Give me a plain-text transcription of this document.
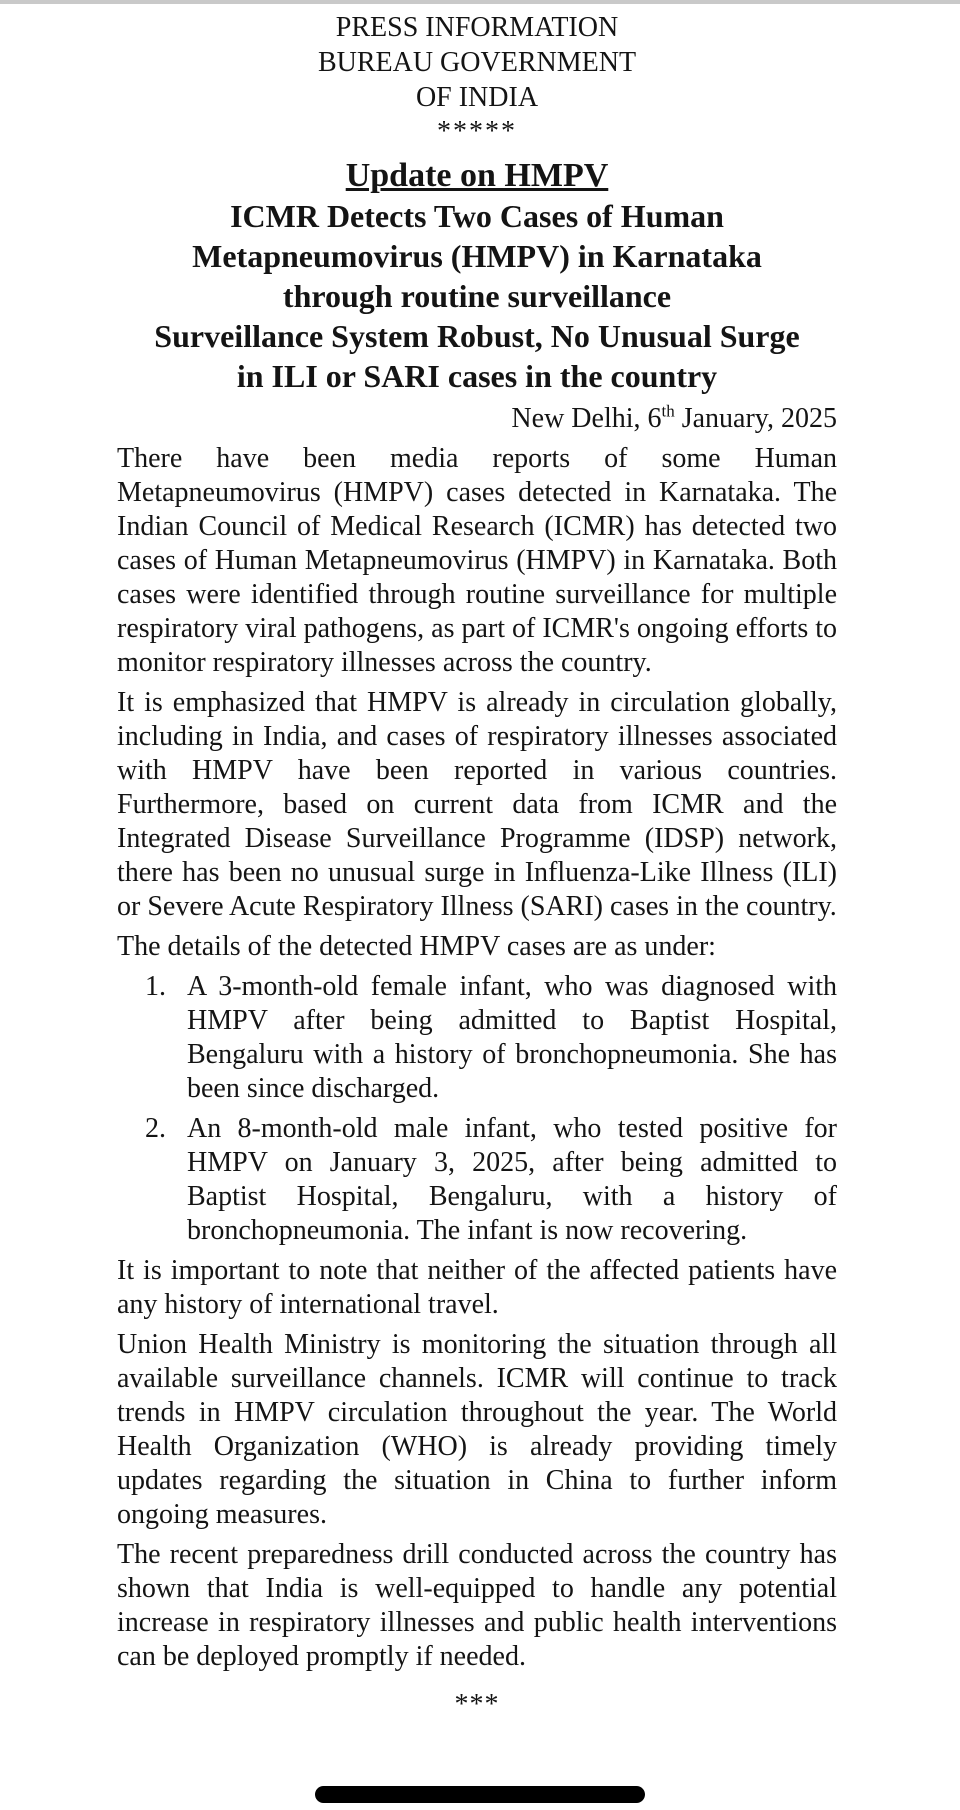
PRESS INFORMATION
BUREAU GOVERNMENT
OF INDIA
*****
Update on HMPV
ICMR Detects Two Cases of Human Metapneumovirus (HMPV) in Karnataka through routine surveillance
Surveillance System Robust, No Unusual Surge in ILI or SARI cases in the country
New Delhi, 6th January, 2025

There have been media reports of some Human Metapneumovirus (HMPV) cases detected in Karnataka. The Indian Council of Medical Research (ICMR) has detected two cases of Human Metapneumovirus (HMPV) in Karnataka. Both cases were identified through routine surveillance for multiple respiratory viral pathogens, as part of ICMR's ongoing efforts to monitor respiratory illnesses across the country.

It is emphasized that HMPV is already in circulation globally, including in India, and cases of respiratory illnesses associated with HMPV have been reported in various countries. Furthermore, based on current data from ICMR and the Integrated Disease Surveillance Programme (IDSP) network, there has been no unusual surge in Influenza-Like Illness (ILI) or Severe Acute Respiratory Illness (SARI) cases in the country.

The details of the detected HMPV cases are as under:

1. A 3-month-old female infant, who was diagnosed with HMPV after being admitted to Baptist Hospital, Bengaluru with a history of bronchopneumonia. She has been since discharged.
2. An 8-month-old male infant, who tested positive for HMPV on January 3, 2025, after being admitted to Baptist Hospital, Bengaluru, with a history of bronchopneumonia. The infant is now recovering.

It is important to note that neither of the affected patients have any history of international travel.

Union Health Ministry is monitoring the situation through all available surveillance channels. ICMR will continue to track trends in HMPV circulation throughout the year. The World Health Organization (WHO) is already providing timely updates regarding the situation in China to further inform ongoing measures.

The recent preparedness drill conducted across the country has shown that India is well-equipped to handle any potential increase in respiratory illnesses and public health interventions can be deployed promptly if needed.

***
